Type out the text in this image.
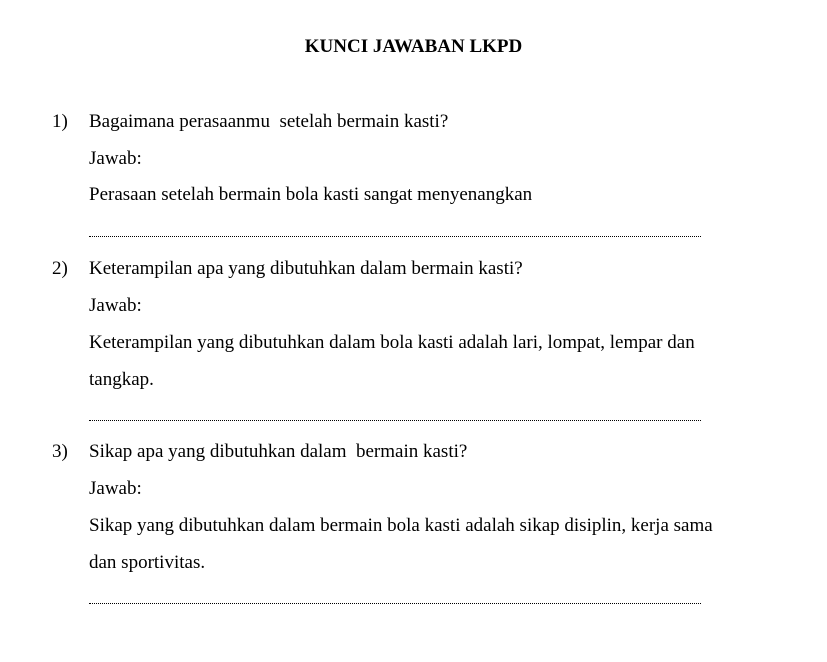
KUNCI JAWABAN LKPD
1) Bagaimana perasaanmu  setelah bermain kasti?
Jawab:
Perasaan setelah bermain bola kasti sangat menyenangkan
2) Keterampilan apa yang dibutuhkan dalam bermain kasti?
Jawab:
Keterampilan yang dibutuhkan dalam bola kasti adalah lari, lompat, lempar dan
tangkap.
3) Sikap apa yang dibutuhkan dalam  bermain kasti?
Jawab:
Sikap yang dibutuhkan dalam bermain bola kasti adalah sikap disiplin, kerja sama
dan sportivitas.
